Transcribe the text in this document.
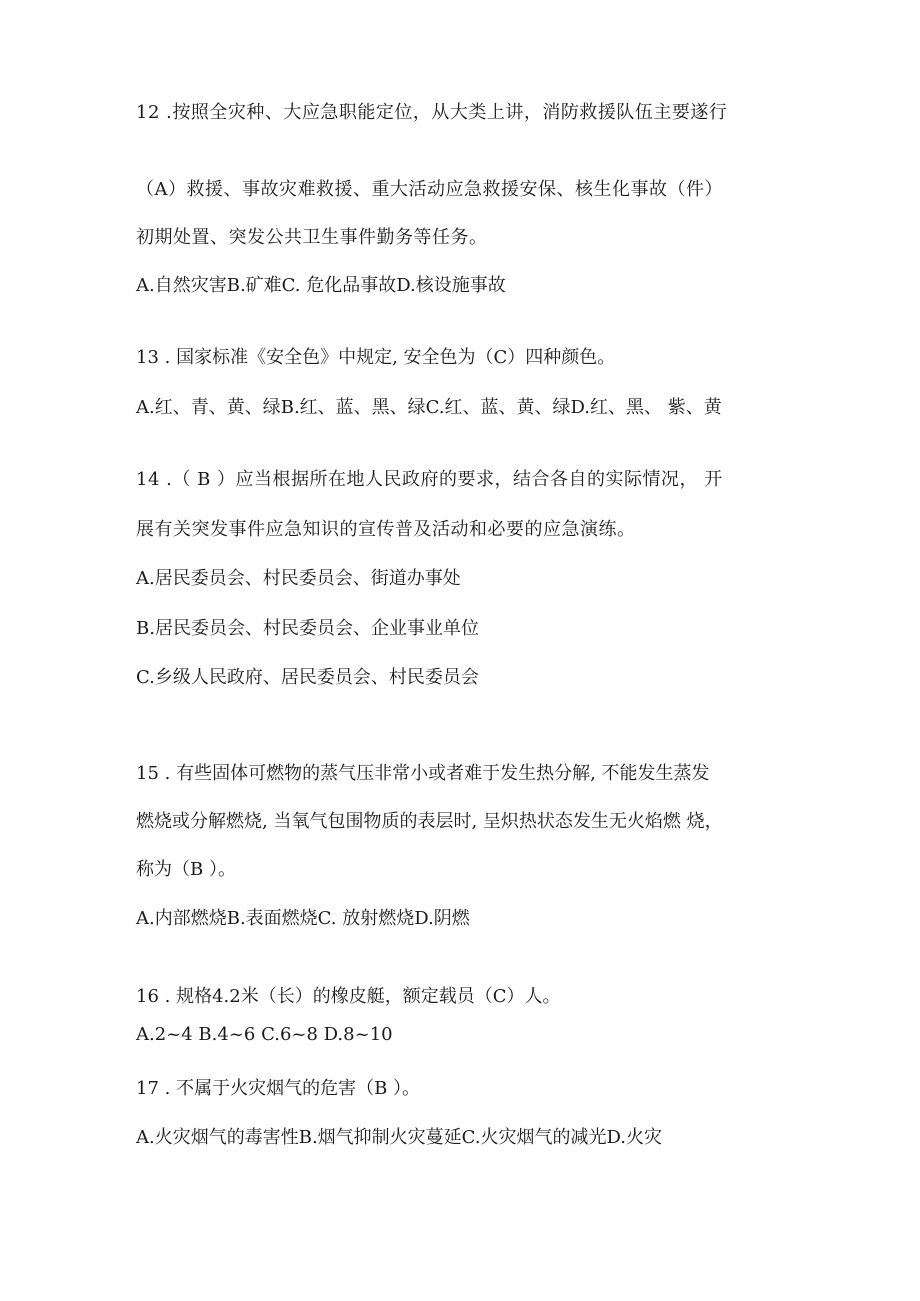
12 .按照全灾种、大应急职能定位，从大类上讲，消防救援队伍主要遂行
（A）救援、事故灾难救援、重大活动应急救援安保、核生化事故（件）
初期处置、突发公共卫生事件勤务等任务。
A.自然灾害B.矿难C. 危化品事故D.核设施事故
13 . 国家标准《安全色》中规定, 安全色为（C）四种颜色。
A.红、青、黄、绿B.红、蓝、黑、绿C.红、蓝、黄、绿D.红、黑、 紫、黄
14 .（ B ）应当根据所在地人民政府的要求，结合各自的实际情况， 开
展有关突发事件应急知识的宣传普及活动和必要的应急演练。
A.居民委员会、村民委员会、街道办事处
B.居民委员会、村民委员会、企业事业单位
C.乡级人民政府、居民委员会、村民委员会
15 . 有些固体可燃物的蒸气压非常小或者难于发生热分解, 不能发生蒸发
燃烧或分解燃烧, 当氧气包围物质的表层时, 呈炽热状态发生无火焰燃 烧，
称为（B ）。
A.内部燃烧B.表面燃烧C. 放射燃烧D.阴燃
16 . 规格4.2米（长）的橡皮艇，额定载员（C）人。
A.2~4 B.4~6 C.6~8 D.8~10
17 . 不属于火灾烟气的危害（B ）。
A.火灾烟气的毒害性B.烟气抑制火灾蔓延C.火灾烟气的减光D.火灾
